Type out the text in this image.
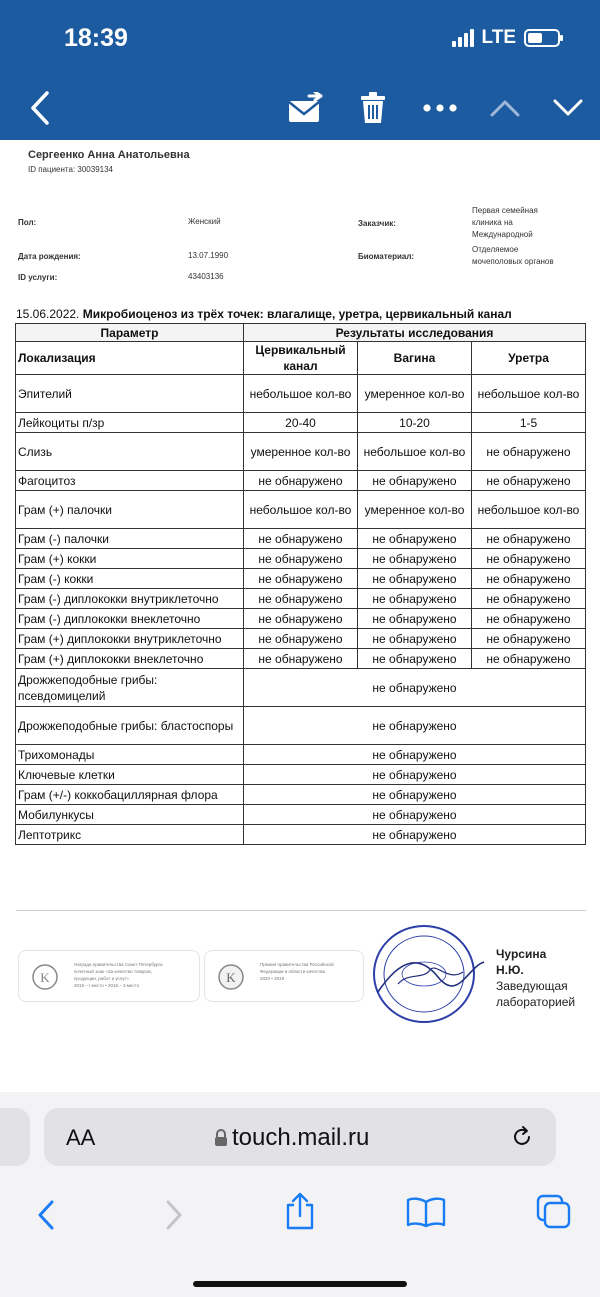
18:39	LTE
Сергеенко Анна Анатольевна
ID пациента: 30039134
Пол:	Женский
Дата рождения:	13.07.1990
ID услуги:	43403136
Заказчик:
Первая семейная
клиника на
Международной
Биоматериал:
Отделяемое
мочеполовых органов
15.06.2022. Микробиоценоз из трёх точек: влагалище, уретра, цервикальный канал
Параметр	Результаты исследования		
Локализация	Цервикальный канал	Вагина	Уретра
Эпителий	небольшое кол-во	умеренное кол-во	небольшое кол-во
Лейкоциты п/зр	20-40	10-20	1-5
Слизь	умеренное кол-во	небольшое кол-во	не обнаружено
Фагоцитоз	не обнаружено	не обнаружено	не обнаружено
Грам (+) палочки	небольшое кол-во	умеренное кол-во	небольшое кол-во
Грам (-) палочки	не обнаружено	не обнаружено	не обнаружено
Грам (+) кокки	не обнаружено	не обнаружено	не обнаружено
Грам (-) кокки	не обнаружено	не обнаружено	не обнаружено
Грам (-) диплококки внутриклеточно	не обнаружено	не обнаружено	не обнаружено
Грам (-) диплококки внеклеточно	не обнаружено	не обнаружено	не обнаружено
Грам (+) диплококки внутриклеточно	не обнаружено	не обнаружено	не обнаружено
Грам (+) диплококки внеклеточно	не обнаружено	не обнаружено	не обнаружено
Дрожжеподобные грибы: псевдомицелий	не обнаружено		
Дрожжеподобные грибы: бластоспоры	не обнаружено		
Трихомонады	не обнаружено		
Ключевые клетки	не обнаружено		
Грам (+/-) коккобациллярная флора	не обнаружено		
Мобилункусы	не обнаружено		
Лептотрикс	не обнаружено		
K
Награда правительства Санкт-Петербурга
почетный знак «За качество товаров,
продукции, работ и услуг»
2019 – I место • 2016 – 3 место
K
Премия правительства Российской
Федерации в области качества
2020 • 2019
Чурсина
Н.Ю.
Заведующая
лабораторией
AA	touch.mail.ru
